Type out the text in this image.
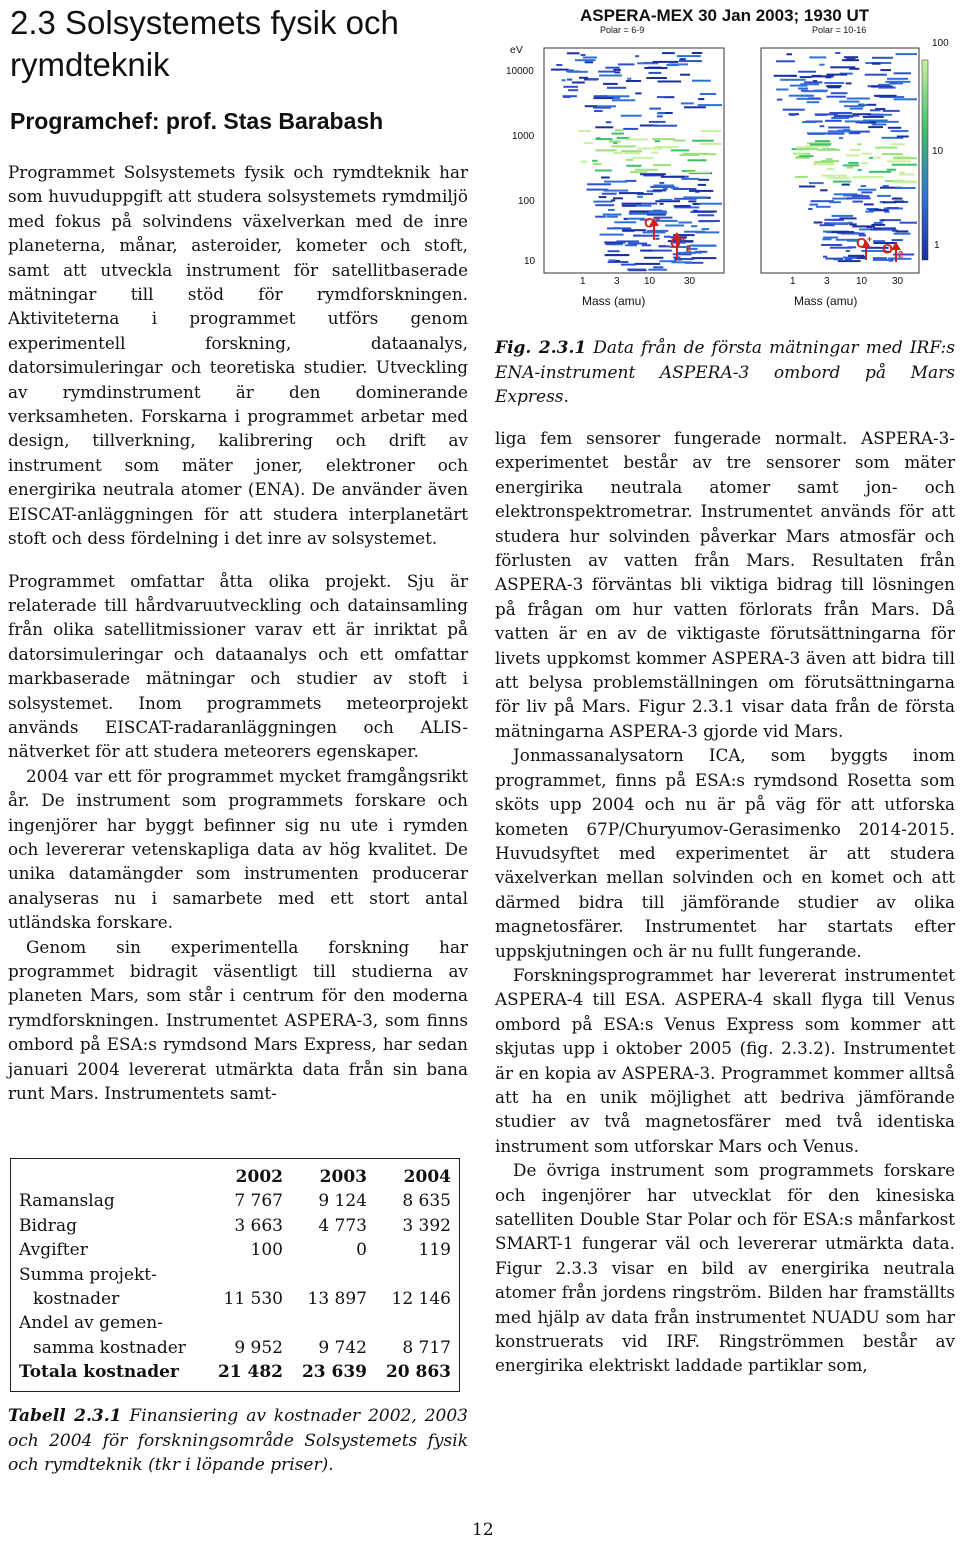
2.3 Solsystemets fysik och rymdteknik
Programchef: prof. Stas Barabash

Programmet Solsystemets fysik och rymdteknik har som huvuduppgift att studera solsystemets rymdmiljö med fokus på solvindens växelverkan med de inre planeterna, månar, asteroider, kometer och stoft, samt att utveckla instrument för satellitbaserade mätningar till stöd för rymdforskningen. Aktiviteterna i programmet utförs genom experimentell forskning, dataanalys, datorsimuleringar och teoretiska studier. Utveckling av rymdinstrument är den dominerande verksamheten. Forskarna i programmet arbetar med design, tillverkning, kalibrering och drift av instrument som mäter joner, elektroner och energirika neutrala atomer (ENA). De använder även EISCAT-anläggningen för att studera interplanetärt stoft och dess fördelning i det inre av solsystemet.

Programmet omfattar åtta olika projekt. Sju är relaterade till hårdvaruutveckling och datainsamling från olika satellitmissioner varav ett är inriktat på datorsimuleringar och dataanalys och ett omfattar markbaserade mätningar och studier av stoft i solsystemet. Inom programmets meteorprojekt används EISCAT-radaranläggningen och ALIS-nätverket för att studera meteorers egenskaper.

2004 var ett för programmet mycket framgångsrikt år. De instrument som programmets forskare och ingenjörer har byggt befinner sig nu ute i rymden och levererar vetenskapliga data av hög kvalitet. De unika datamängder som instrumenten producerar analyseras nu i samarbete med ett stort antal utländska forskare.

Genom sin experimentella forskning har programmet bidragit väsentligt till studierna av planeten Mars, som står i centrum för den moderna rymdforskningen. Instrumentet ASPERA-3, som finns ombord på ESA:s rymdsond Mars Express, har sedan januari 2004 levererat utmärkta data från sin bana runt Mars. Instrumentets samt-

	2002	2003	2004
Ramanslag	7 767	9 124	8 635
Bidrag	3 663	4 773	3 392
Avgifter	100	0	119
Summa projekt-			
kostnader	11 530	13 897	12 146
Andel av gemen-			
samma kostnader	9 952	9 742	8 717
Totala kostnader	21 482	23 639	20 863
Tabell 2.3.1 Finansiering av kostnader 2002, 2003 och 2004 för forskningsområde Solsystemets fysik och rymdteknik (tkr i löpande priser).
ASPERA-MEX 30 Jan 2003; 1930 UT
Polar = 6-9	Polar = 10-16
eV
10000
1000
100
10
1	3 10	30
Mass (amu)
1	3	10 30
Mass (amu)
100
10
1
O+
$O^+_2$	O+
$O^+_2$
Fig. 2.3.1 Data från de första mätningar med IRF:s ENA-instrument ASPERA-3 ombord på Mars Express.

liga fem sensorer fungerade normalt. ASPERA-3-experimentet består av tre sensorer som mäter energirika neutrala atomer samt jon- och elektronspektrometrar. Instrumentet används för att studera hur solvinden påverkar Mars atmosfär och förlusten av vatten från Mars. Resultaten från ASPERA-3 förväntas bli viktiga bidrag till lösningen på frågan om hur vatten förlorats från Mars. Då vatten är en av de viktigaste förutsättningarna för livets uppkomst kommer ASPERA-3 även att bidra till att belysa problemställningen om förutsättningarna för liv på Mars. Figur 2.3.1 visar data från de första mätningarna ASPERA-3 gjorde vid Mars.

Jonmassanalysatorn ICA, som byggts inom programmet, finns på ESA:s rymdsond Rosetta som sköts upp 2004 och nu är på väg för att utforska kometen 67P/Churyumov-Gerasimenko 2014-2015. Huvudsyftet med experimentet är att studera växelverkan mellan solvinden och en komet och att därmed bidra till jämförande studier av olika magnetosfärer. Instrumentet har startats efter uppskjutningen och är nu fullt fungerande.

Forskningsprogrammet har levererat instrumentet ASPERA-4 till ESA. ASPERA-4 skall flyga till Venus ombord på ESA:s Venus Express som kommer att skjutas upp i oktober 2005 (fig. 2.3.2). Instrumentet är en kopia av ASPERA-3. Programmet kommer alltså att ha en unik möjlighet att bedriva jämförande studier av två magnetosfärer med två identiska instrument som utforskar Mars och Venus.

De övriga instrument som programmets forskare och ingenjörer har utvecklat för den kinesiska satelliten Double Star Polar och för ESA:s månfarkost SMART-1 fungerar väl och levererar utmärkta data. Figur 2.3.3 visar en bild av energirika neutrala atomer från jordens ringström. Bilden har framställts med hjälp av data från instrumentet NUADU som har konstruerats vid IRF. Ringströmmen består av energirika elektriskt laddade partiklar som,

12
